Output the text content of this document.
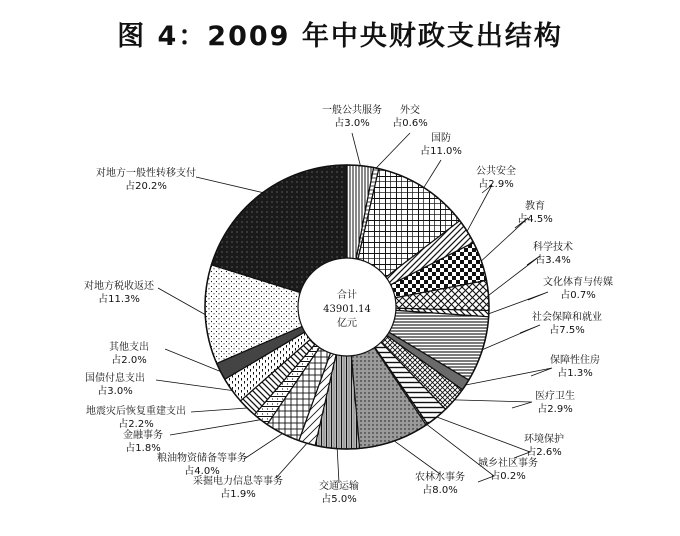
图 4：2009 年中央财政支出结构
一般公共服务
占3.0%
外交
占0.6%
国防
占11.0%
公共安全
占2.9%
教育
占4.5%
科学技术
占3.4%
文化体育与传媒
占0.7%
社会保障和就业
占7.5%
保障性住房
占1.3%
医疗卫生
占2.9%
环境保护
占2.6%
城乡社区事务
占0.2%
农林水事务
占8.0%
交通运输
占5.0%
采掘电力信息等事务
占1.9%
粮油物资储备等事务
占4.0%
金融事务
占1.8%
地震灾后恢复重建支出
占2.2%
国债付息支出
占3.0%
其他支出
占2.0%
对地方税收返还
占11.3%
对地方一般性转移支付
占20.2%
合计
43901.14
亿元
